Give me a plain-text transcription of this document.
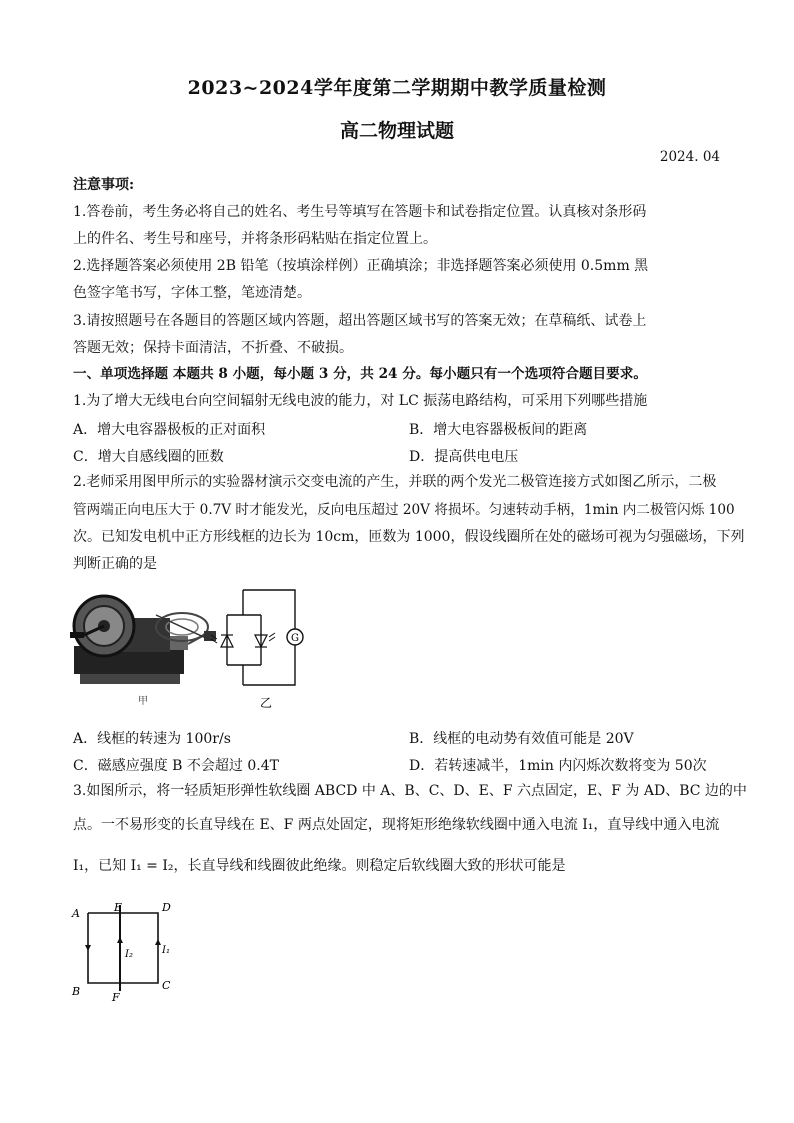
2023~2024学年度第二学期期中教学质量检测
高二物理试题
2024. 04
注意事项:
1.答卷前，考生务必将自己的姓名、考生号等填写在答题卡和试卷指定位置。认真核对条形码
上的件名、考生号和座号，并将条形码粘贴在指定位置上。
2.选择题答案必须使用 2B 铅笔（按填涂样例）正确填涂；非选择题答案必须使用 0.5mm 黑
色签字笔书写，字体工整，笔迹清楚。
3.请按照题号在各题目的答题区域内答题，超出答题区域书写的答案无效；在草稿纸、试卷上
答题无效；保持卡面清洁，不折叠、不破损。
一、单项选择题 本题共 8 小题，每小题 3 分，共 24 分。每小题只有一个选项符合题目要求。
1.为了增大无线电台向空间辐射无线电波的能力，对 LC 振荡电路结构，可采用下列哪些措施
A．增大电容器极板的正对面积	B．增大电容器极板间的距离
C．增大自感线圈的匝数	D．提高供电电压
2.老师采用图甲所示的实验器材演示交变电流的产生，并联的两个发光二极管连接方式如图乙所示，二极
管两端正向电压大于 0.7V 时才能发光，反向电压超过 20V 将损坏。匀速转动手柄，1min 内二极管闪烁 100
次。已知发电机中正方形线框的边长为 10cm，匝数为 1000，假设线圈所在处的磁场可视为匀强磁场，下列
判断正确的是
甲
G
乙
A．线框的转速为 100r/s	B．线框的电动势有效值可能是 20V
C．磁感应强度 B 不会超过 0.4T	D．若转速减半，1min 内闪烁次数将变为 50次
3.如图所示，将一轻质矩形弹性软线圈 ABCD 中 A、B、C、D、E、F 六点固定，E、F 为 AD、BC 边的中
点。一不易形变的长直导线在 E、F 两点处固定，现将矩形绝缘软线圈中通入电流 I₁，直导线中通入电流
I₁，已知 I₁ = I₂，长直导线和线圈彼此绝缘。则稳定后软线圈大致的形状可能是
A	E	D
B	F
C
I₂	I₁
